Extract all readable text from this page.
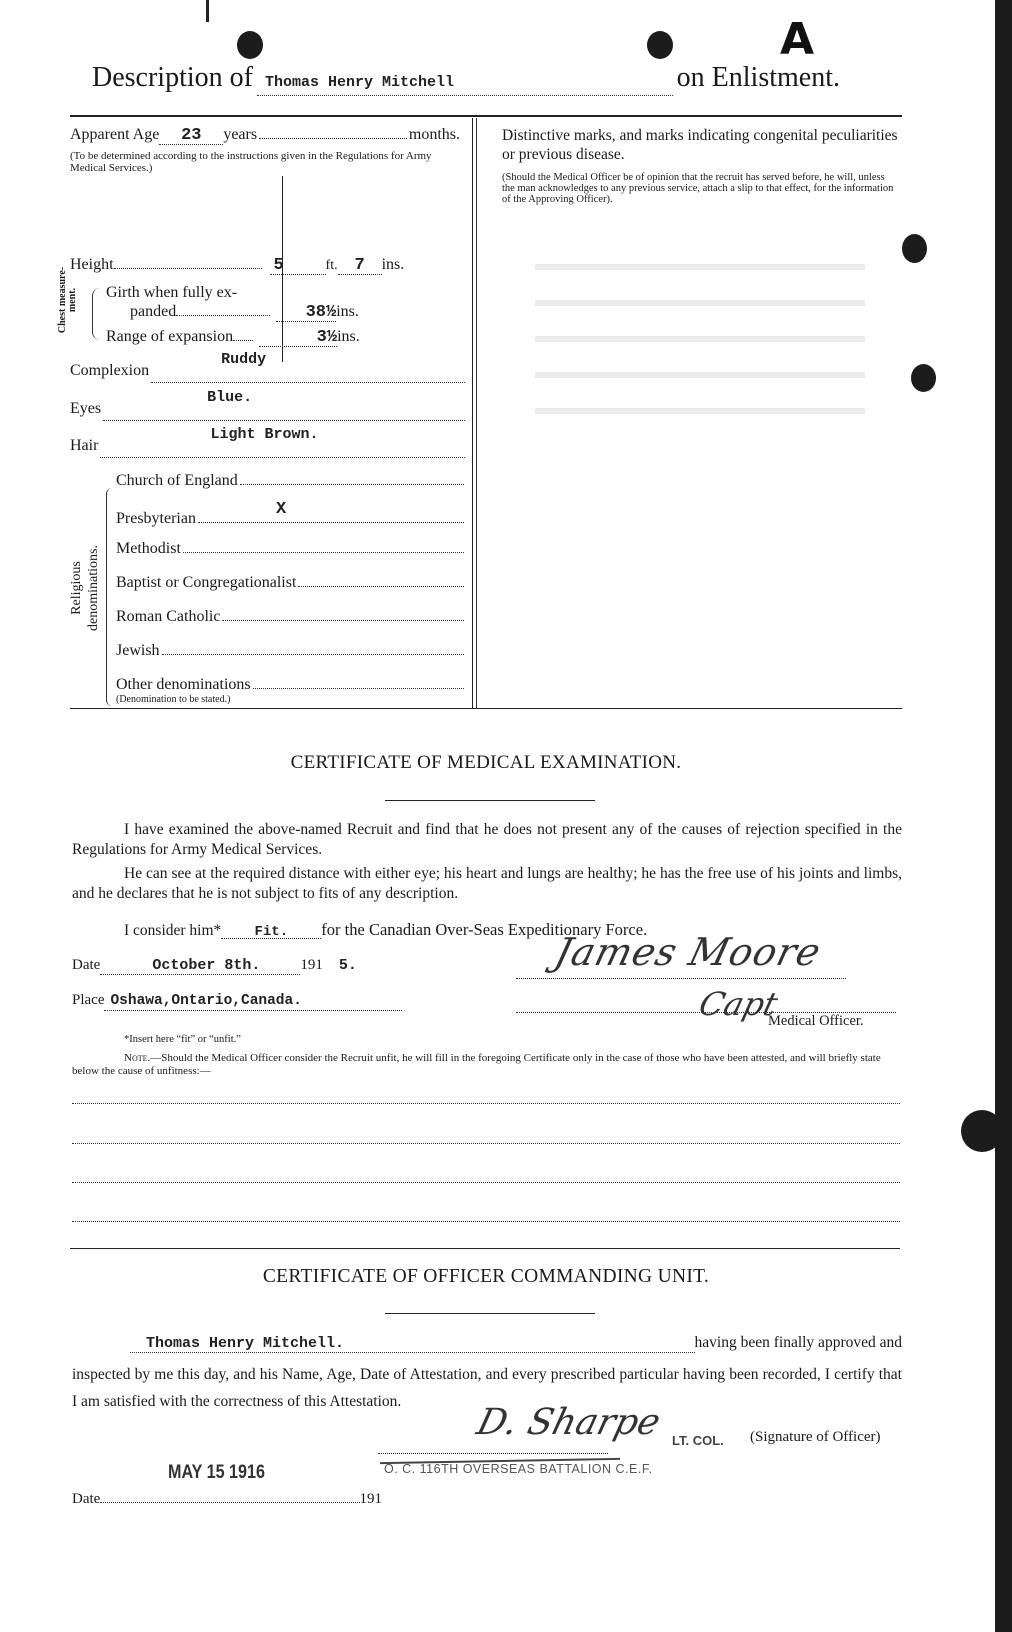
A
Description of Thomas Henry Mitchell	on Enlistment.
Apparent Age	23	years	months.
(To be determined according to the instructions given in the Regulations for Army Medical Services.)
Height	5	ft. 7	ins.
Chest measure-ment. Girth when fully ex-
panded	38½ ins.
Range of expansion	3½ ins.
Complexion
Ruddy
Eyes
Blue.
Hair
Light Brown.
Religious denominations.
Church of England
Presbyterian	X
Methodist
Baptist or Congregationalist
Roman Catholic
Jewish
Other denominations
(Denomination to be stated.)
Distinctive marks, and marks indicating congenital peculiarities or previous disease.
(Should the Medical Officer be of opinion that the recruit has served before, he will, unless the man acknowledges to any previous service, attach a slip to that effect, for the information of the Approving Officer).
CERTIFICATE OF MEDICAL EXAMINATION.
I have examined the above-named Recruit and find that he does not present any of the causes of rejection specified in the Regulations for Army Medical Services.
He can see at the required distance with either eye; his heart and lungs are healthy; he has the free use of his joints and limbs, and he declares that he is not subject to fits of any description.
I consider him*	Fit.	for the Canadian Over-Seas Expeditionary Force.
Date	October 8th.	191 5.
Place Oshawa,Ontario,Canada.
James Moore
Capt
Medical Officer.
*Insert here “fit” or “unfit.”
Note.—Should the Medical Officer consider the Recruit unfit, he will fill in the foregoing Certificate only in the case of those who have been attested, and will briefly state below the cause of unfitness:—
CERTIFICATE OF OFFICER COMMANDING UNIT.
Thomas Henry Mitchell.	having been finally approved and
inspected by me this day, and his Name, Age, Date of Attestation, and every prescribed particular having been recorded, I certify that I am satisfied with the correctness of this Attestation.
D. Sharpe LT. COL. (Signature of Officer)
O. C. 116TH OVERSEAS BATTALION C.E.F.
MAY 15 1916
Date	191
